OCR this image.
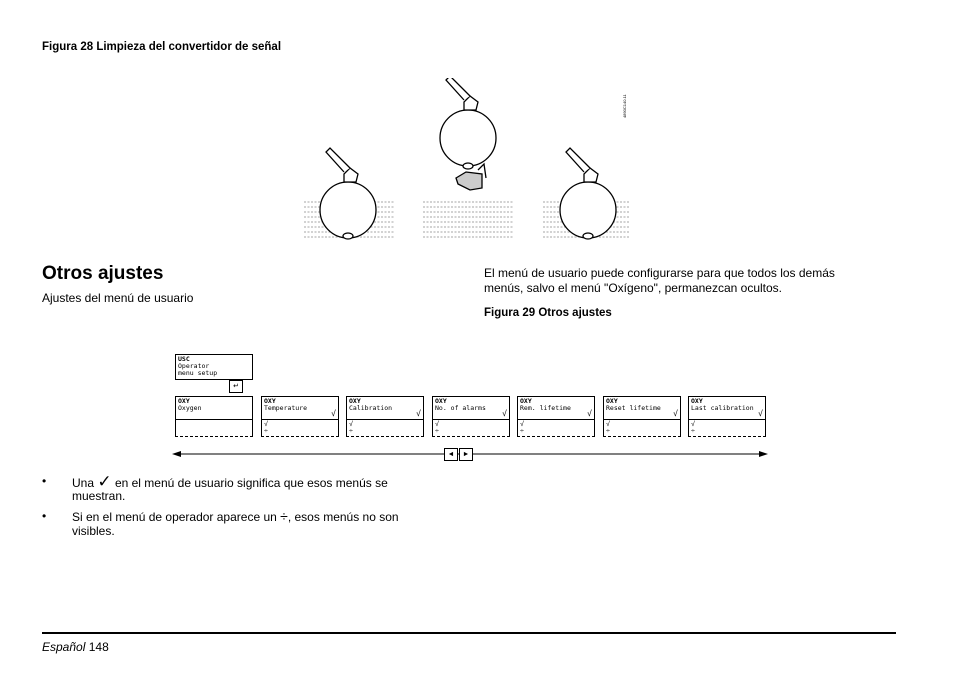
Figura 28 Limpieza del convertidor de señal
4890C140.11
Otros ajustes
Ajustes del menú de usuario
El menú de usuario puede configurarse para que todos los demás menús, salvo el menú "Oxígeno", permanezcan ocultos.
Figura 29 Otros ajustes
USC
Operator
menu setup
↵
OXY
Oxygen
OXY
Temperature
√
√
÷
OXY
Calibration
√
√
÷
OXY
No. of alarms
√
√
÷
OXY
Rem. lifetime
√
√
÷
OXY
Reset lifetime
√
√
÷
OXY
Last calibration
√
√
÷
◄	►
• Una ✓ en el menú de usuario significa que esos menús se
muestran.
• Si en el menú de operador aparece un ÷, esos menús no son
visibles.
Español 148
